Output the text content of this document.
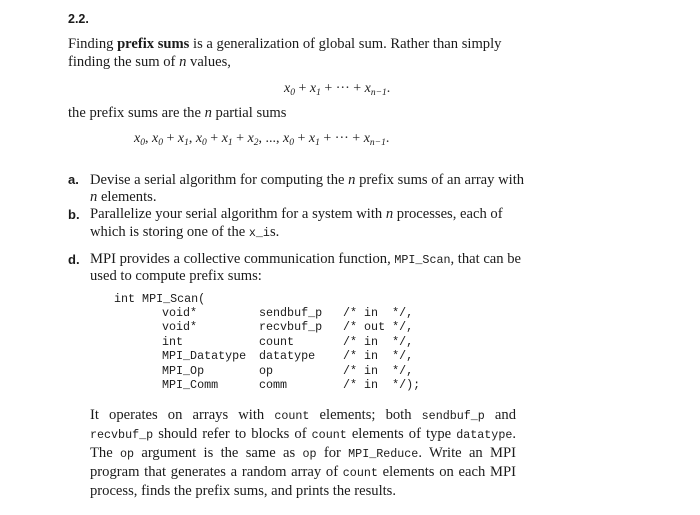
2.2.
Finding prefix sums is a generalization of global sum. Rather than simply
finding the sum of n values,
$x_0 + x_1$ + ··· + $x_{n-1}$.
the prefix sums are the n partial sums
$x_0$, $x_0 + x_1$, $x_0 + x_1 + x_2$, ..., $x_0 + x_1$ + ··· + $x_{n-1}$.
a. Devise a serial algorithm for computing the n prefix sums of an array with
n elements.
b. Parallelize your serial algorithm for a system with n processes, each of
which is storing one of the x_is.
d. MPI provides a collective communication function, MPI_Scan, that can be
used to compute prefix sums:
int MPI_Scan(
void*
void*
int
MPI_Datatype
MPI_Op
MPI_Comm
sendbuf_p
recvbuf_p
count
datatype
op
comm
/* in  */,
/* out */,
/* in  */,
/* in  */,
/* in  */,
/* in  */);
It operates on arrays with count elements; both sendbuf_p and recvbuf_p should refer to blocks of count elements of type datatype. The op argument is the same as op for MPI_Reduce. Write an MPI program that generates a random array of count elements on each MPI process, finds the prefix sums, and prints the results.
